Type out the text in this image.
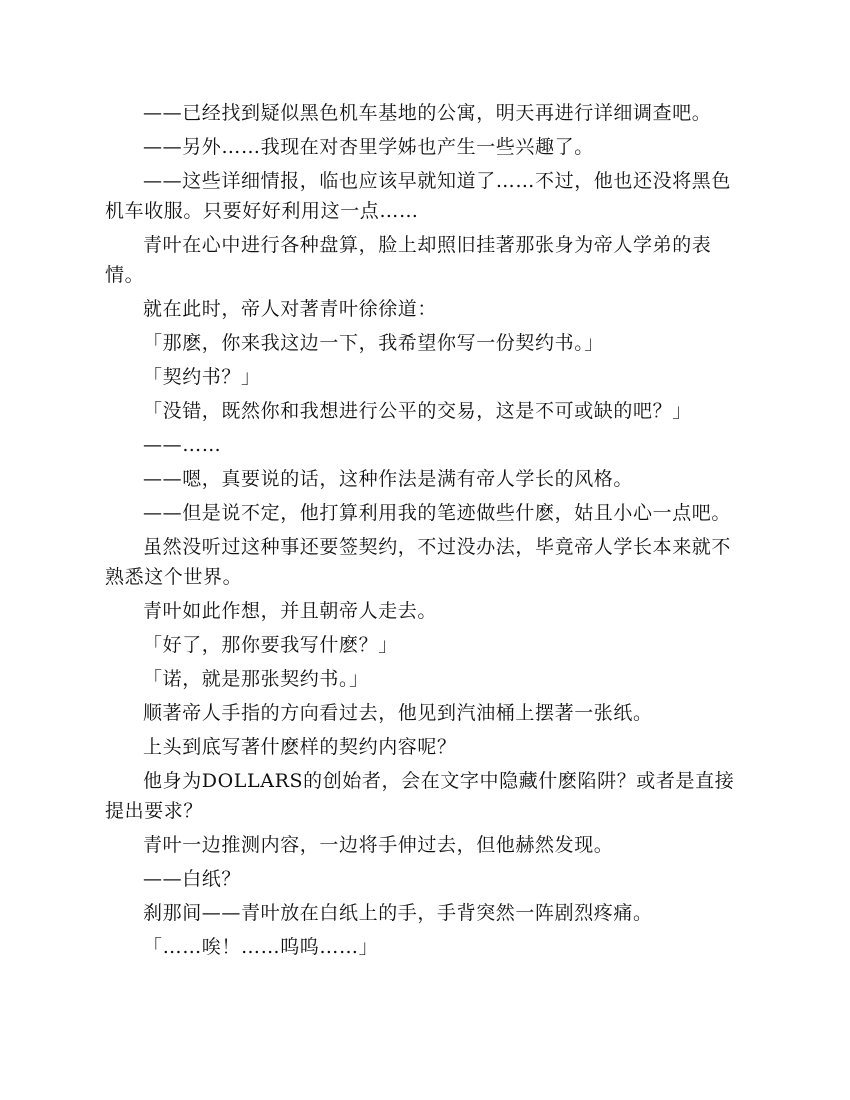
——已经找到疑似黑色机车基地的公寓，明天再进行详细调查吧。

——另外……我现在对杏里学姊也产生一些兴趣了。

——这些详细情报，临也应该早就知道了……不过，他也还没将黑色机车收服。只要好好利用这一点……

青叶在心中进行各种盘算，脸上却照旧挂著那张身为帝人学弟的表情。

就在此时，帝人对著青叶徐徐道：

「那麽，你来我这边一下，我希望你写一份契约书。」

「契约书？」

「没错，既然你和我想进行公平的交易，这是不可或缺的吧？」

——……

——嗯，真要说的话，这种作法是满有帝人学长的风格。

——但是说不定，他打算利用我的笔迹做些什麽，姑且小心一点吧。

虽然没听过这种事还要签契约，不过没办法，毕竟帝人学长本来就不熟悉这个世界。

青叶如此作想，并且朝帝人走去。

「好了，那你要我写什麽？」

「诺，就是那张契约书。」

顺著帝人手指的方向看过去，他见到汽油桶上摆著一张纸。

上头到底写著什麽样的契约内容呢？

他身为DOLLARS的创始者，会在文字中隐藏什麽陷阱？或者是直接提出要求？

青叶一边推测内容，一边将手伸过去，但他赫然发现。

——白纸？

刹那间——青叶放在白纸上的手，手背突然一阵剧烈疼痛。

「……唉！……呜呜……」
